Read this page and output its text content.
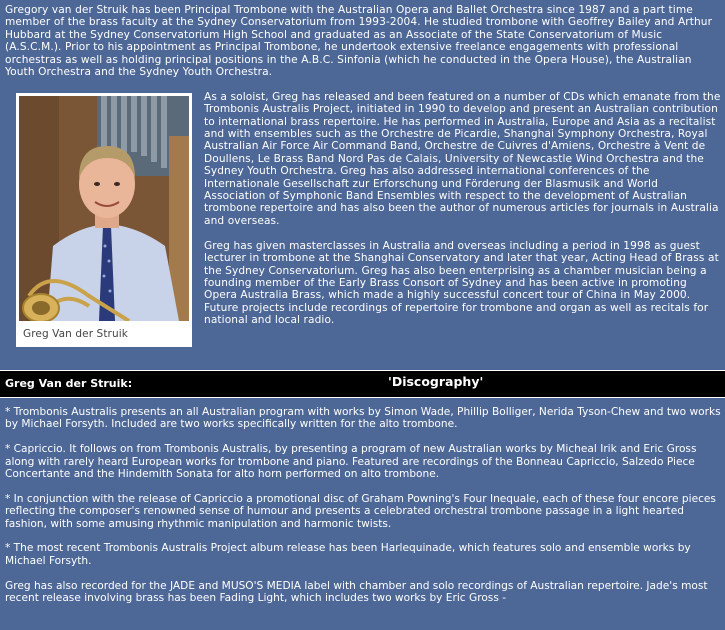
Gregory van der Struik has been Principal Trombone with the Australian Opera and Ballet Orchestra since 1987 and a part time member of the brass faculty at the Sydney Conservatorium from 1993-2004. He studied trombone with Geoffrey Bailey and Arthur Hubbard at the Sydney Conservatorium High School and graduated as an Associate of the State Conservatorium of Music (A.S.C.M.). Prior to his appointment as Principal Trombone, he undertook extensive freelance engagements with professional orchestras as well as holding principal positions in the A.B.C. Sinfonia (which he conducted in the Opera House), the Australian Youth Orchestra and the Sydney Youth Orchestra.

Greg Van der Struik

As a soloist, Greg has released and been featured on a number of CDs which emanate from the Trombonis Australis Project, initiated in 1990 to develop and present an Australian contribution to international brass repertoire. He has performed in Australia, Europe and Asia as a recitalist and with ensembles such as the Orchestre de Picardie, Shanghai Symphony Orchestra, Royal Australian Air Force Air Command Band, Orchestre de Cuivres d'Amiens, Orchestre à Vent de Doullens, Le Brass Band Nord Pas de Calais, University of Newcastle Wind Orchestra and the Sydney Youth Orchestra. Greg has also addressed international conferences of the Internationale Gesellschaft zur Erforschung und Förderung der Blasmusik and World Association of Symphonic Band Ensembles with respect to the development of Australian trombone repertoire and has also been the author of numerous articles for journals in Australia and overseas.

Greg has given masterclasses in Australia and overseas including a period in 1998 as guest lecturer in trombone at the Shanghai Conservatory and later that year, Acting Head of Brass at the Sydney Conservatorium. Greg has also been enterprising as a chamber musician being a founding member of the Early Brass Consort of Sydney and has been active in promoting Opera Australia Brass, which made a highly successful concert tour of China in May 2000. Future projects include recordings of repertoire for trombone and organ as well as recitals for national and local radio.

Greg Van der Struik:	'Discography'

* Trombonis Australis presents an all Australian program with works by Simon Wade, Phillip Bolliger, Nerida Tyson-Chew and two works by Michael Forsyth. Included are two works specifically written for the alto trombone.

* Capriccio. It follows on from Trombonis Australis, by presenting a program of new Australian works by Micheal Irik and Eric Gross along with rarely heard European works for trombone and piano. Featured are recordings of the Bonneau Capriccio, Salzedo Piece Concertante and the Hindemith Sonata for alto horn performed on alto trombone.

* In conjunction with the release of Capriccio a promotional disc of Graham Powning's Four Inequale, each of these four encore pieces reflecting the composer's renowned sense of humour and presents a celebrated orchestral trombone passage in a light hearted fashion, with some amusing rhythmic manipulation and harmonic twists.

* The most recent Trombonis Australis Project album release has been Harlequinade, which features solo and ensemble works by Michael Forsyth.

Greg has also recorded for the JADE and MUSO'S MEDIA label with chamber and solo recordings of Australian repertoire. Jade's most recent release involving brass has been Fading Light, which includes two works by Eric Gross -
